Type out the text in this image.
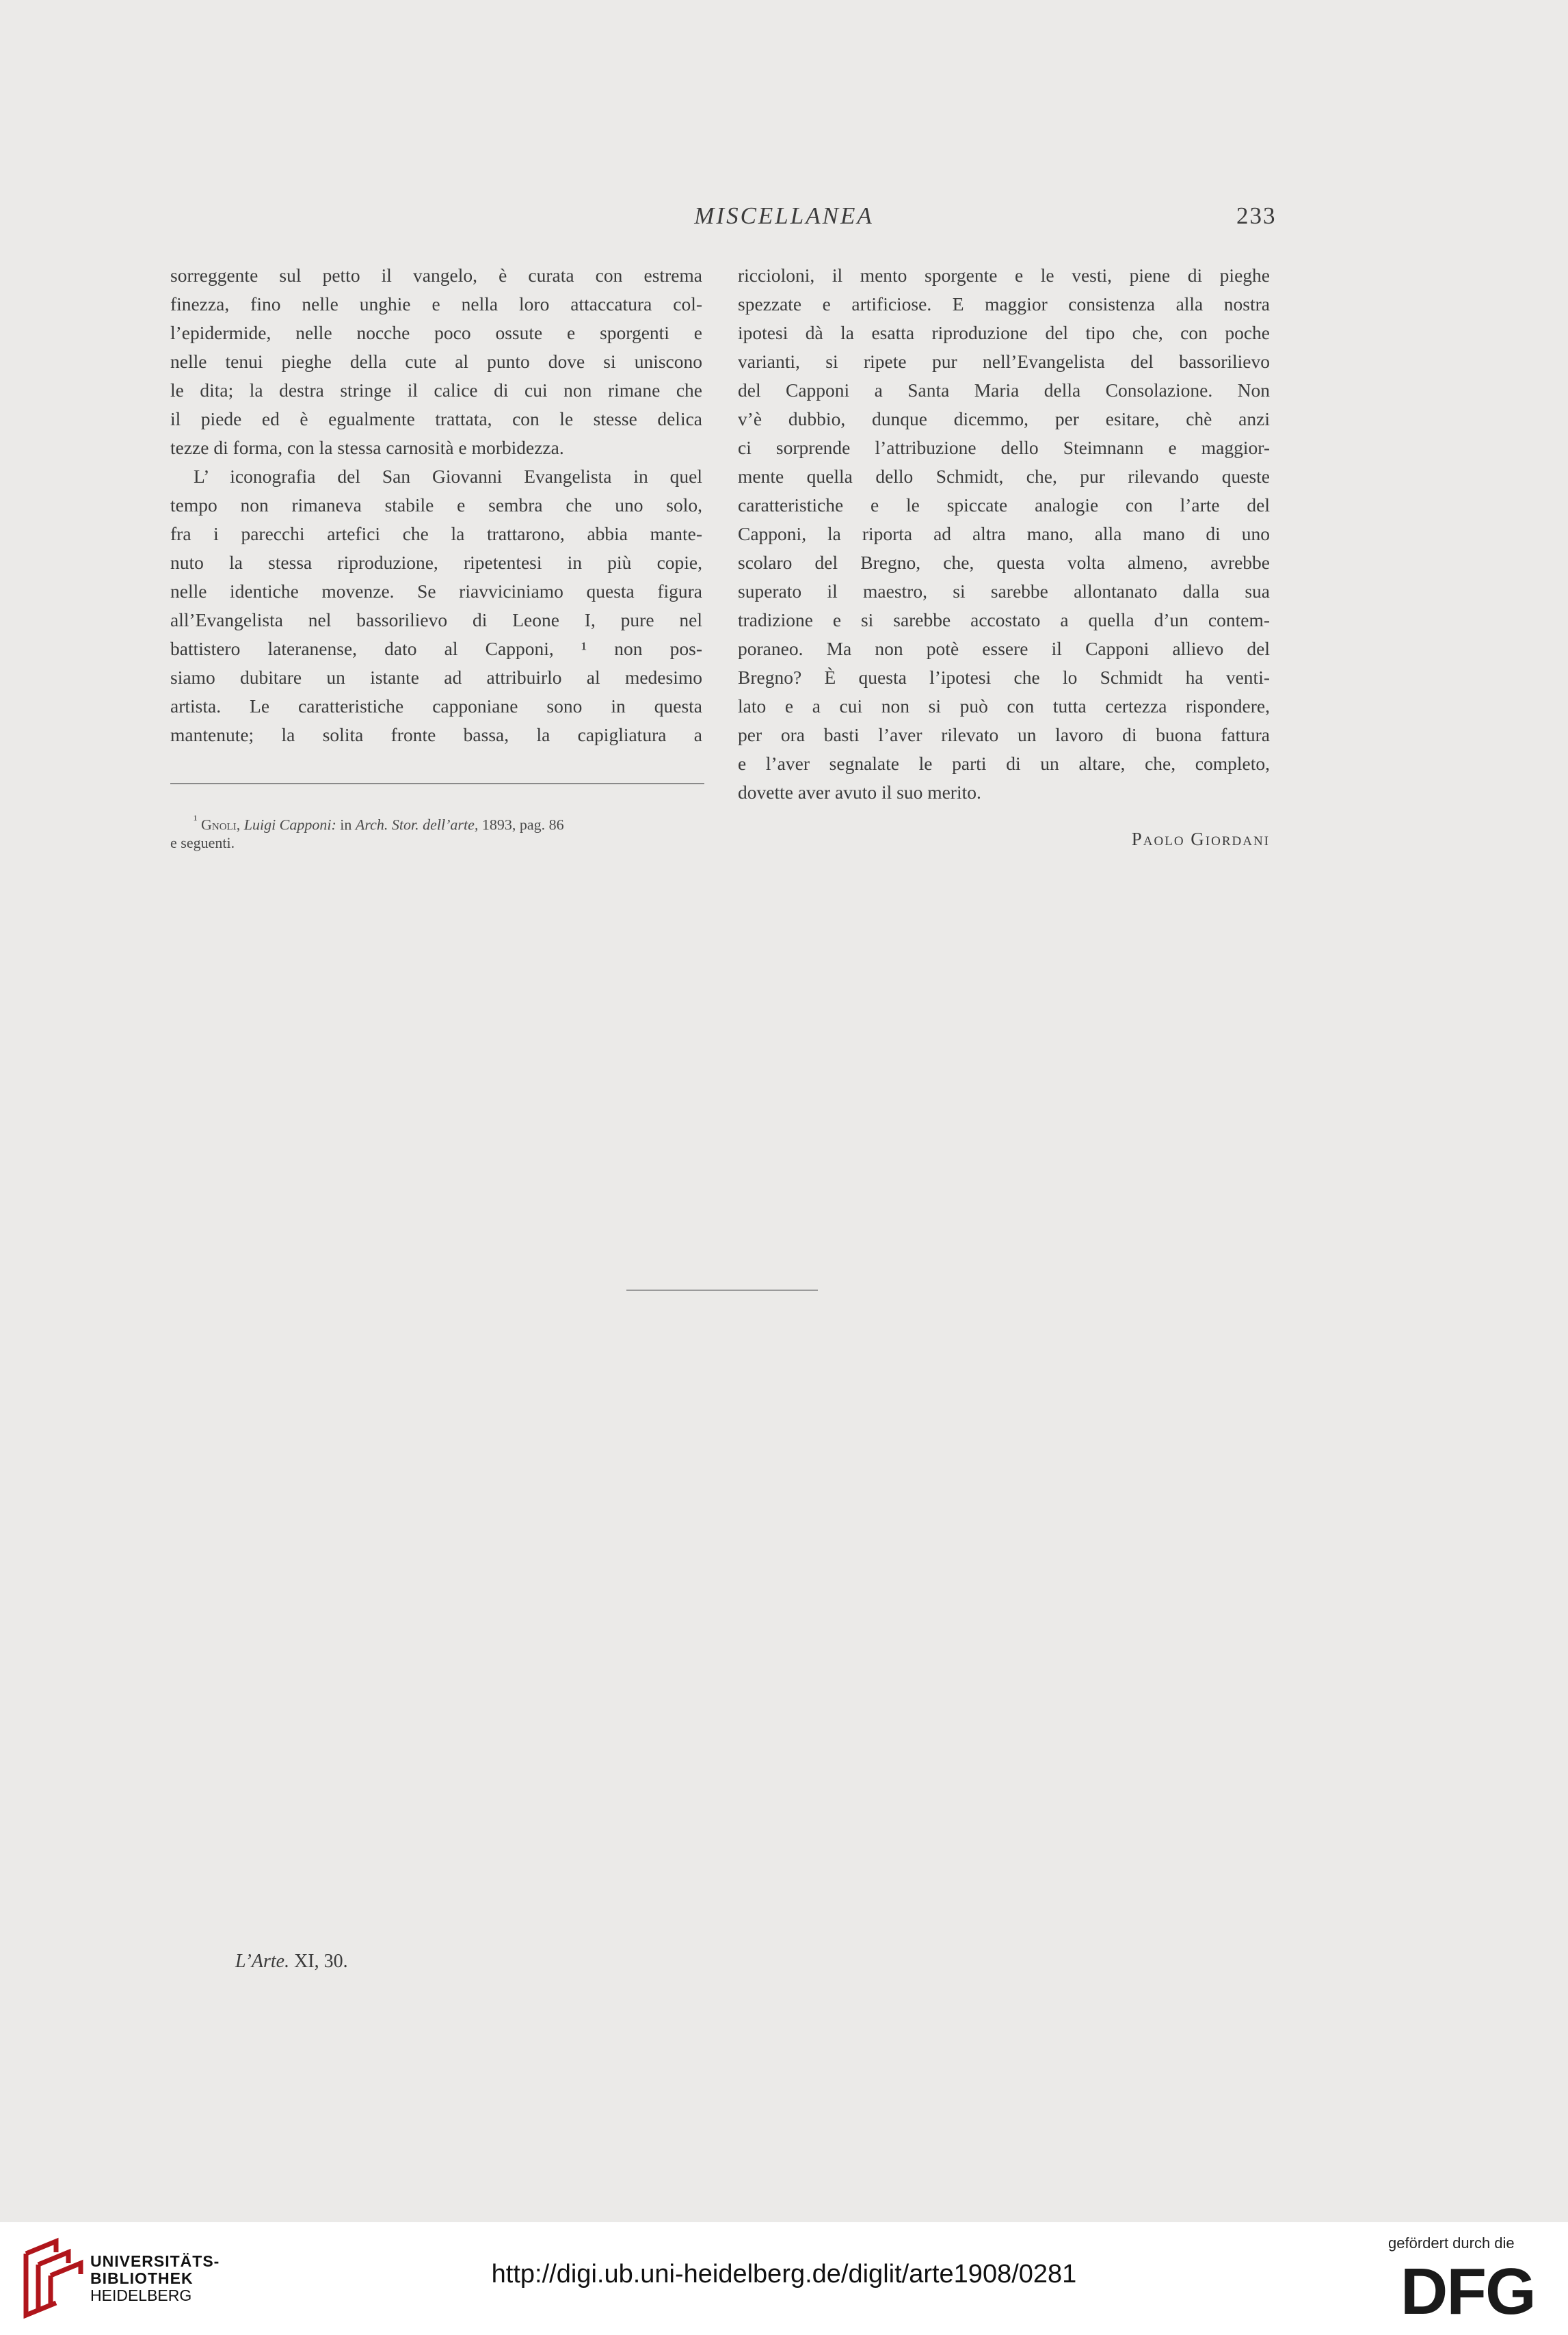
MISCELLANEA	233
sorreggente sul petto il vangelo, è curata con estrema
finezza, fino nelle unghie e nella loro attaccatura col-
l’epidermide, nelle nocche poco ossute e sporgenti e
nelle tenui pieghe della cute al punto dove si uniscono
le dita; la destra stringe il calice di cui non rimane che
il piede ed è egualmente trattata, con le stesse delica
tezze di forma, con la stessa carnosità e morbidezza.
L’ iconografia del San Giovanni Evangelista in quel
tempo non rimaneva stabile e sembra che uno solo,
fra i parecchi artefici che la trattarono, abbia mante-
nuto la stessa riproduzione, ripetentesi in più copie,
nelle identiche movenze. Se riavviciniamo questa figura
all’Evangelista nel bassorilievo di Leone I, pure nel
battistero lateranense, dato al Capponi, ¹ non pos-
siamo dubitare un istante ad attribuirlo al medesimo
artista. Le caratteristiche capponiane sono in questa
mantenute; la solita fronte bassa, la capigliatura a
$^{^1}$ Gnoli, Luigi Capponi: in Arch. Stor. dell’arte, 1893, pag. 86
e seguenti.
riccioloni, il mento sporgente e le vesti, piene di pieghe
spezzate e artificiose. E maggior consistenza alla nostra
ipotesi dà la esatta riproduzione del tipo che, con poche
varianti, si ripete pur nell’Evangelista del bassorilievo
del Capponi a Santa Maria della Consolazione. Non
v’è dubbio, dunque dicemmo, per esitare, chè anzi
ci sorprende l’attribuzione dello Steimnann e maggior-
mente quella dello Schmidt, che, pur rilevando queste
caratteristiche e le spiccate analogie con l’arte del
Capponi, la riporta ad altra mano, alla mano di uno
scolaro del Bregno, che, questa volta almeno, avrebbe
superato il maestro, si sarebbe allontanato dalla sua
tradizione e si sarebbe accostato a quella d’un contem-
poraneo. Ma non potè essere il Capponi allievo del
Bregno? È questa l’ipotesi che lo Schmidt ha venti-
lato e a cui non si può con tutta certezza rispondere,
per ora basti l’aver rilevato un lavoro di buona fattura
e l’aver segnalate le parti di un altare, che, completo,
dovette aver avuto il suo merito.
Paolo Giordani
L’Arte. XI, 30.
UNIVERSITÄTS-
BIBLIOTHEK
HEIDELBERG
http://digi.ub.uni-heidelberg.de/diglit/arte1908/0281
gefördert durch die
DFG
